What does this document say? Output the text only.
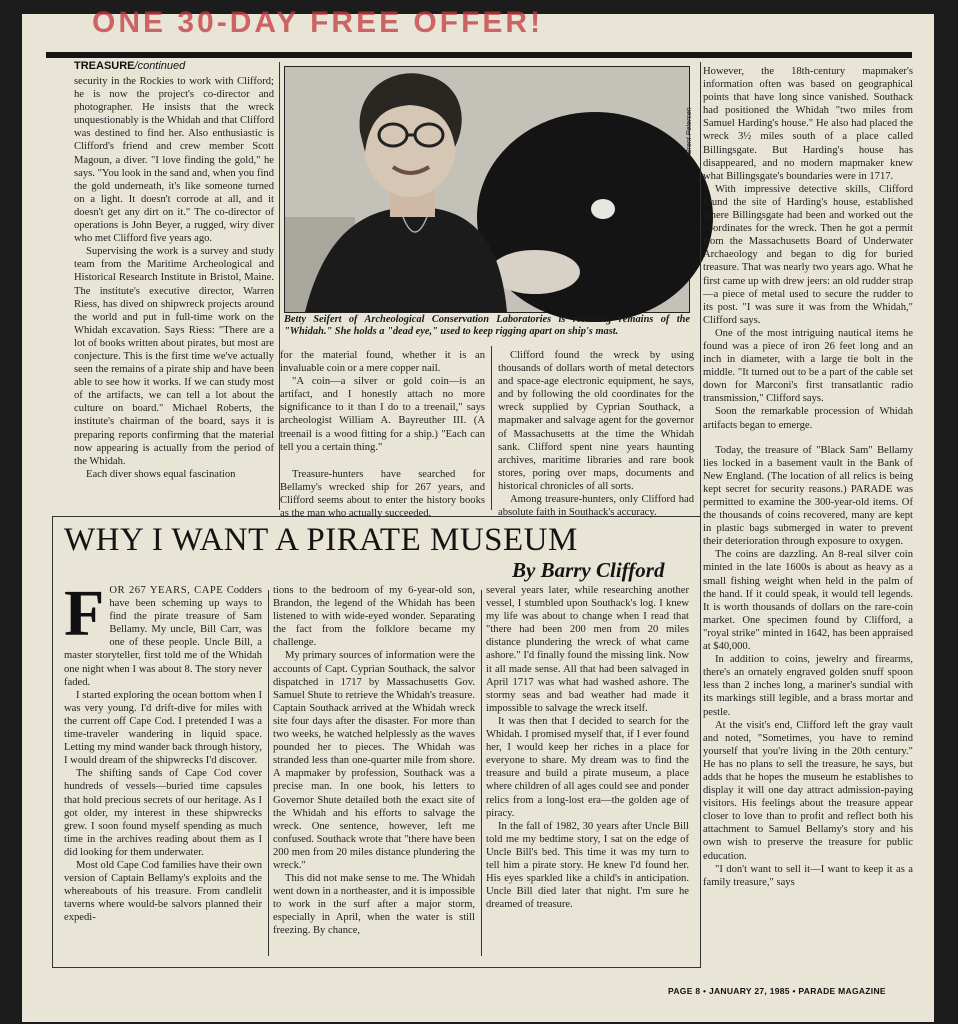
ONE 30-DAY FREE OFFER!
TREASURE/continued

security in the Rockies to work with Clifford; he is now the project's co-director and photographer. He insists that the wreck unquestionably is the Whidah and that Clifford was destined to find her. Also enthusiastic is Clifford's friend and crew member Scott Magoun, a diver. "I love finding the gold," he says. "You look in the sand and, when you find the gold underneath, it's like someone turned on a light. It doesn't corrode at all, and it doesn't get any dirt on it." The co-director of operations is John Beyer, a rugged, wiry diver who met Clifford five years ago.

Supervising the work is a survey and study team from the Maritime Archeological and Historical Research Institute in Bristol, Maine. The institute's executive director, Warren Riess, has dived on shipwreck projects around the world and put in full-time work on the Whidah excavation. Says Riess: "There are a lot of books written about pirates, but most are conjecture. This is the first time we've actually seen the remains of a pirate ship and have been able to see how it works. If we can study most of the artifacts, we can tell a lot about the culture on board." Michael Roberts, the institute's chairman of the board, says it is preparing reports confirming that the material now appearing is actually from the period of the Whidah.

Each diver shows equal fascination

Brent Petersen
Betty Seifert of Archeological Conservation Laboratories is restoring remains of the "Whidah." She holds a "dead eye," used to keep rigging apart on ship's mast.

for the material found, whether it is an invaluable coin or a mere copper nail.

"A coin—a silver or gold coin—is an artifact, and I honestly attach no more significance to it than I do to a treenail," says archeologist William A. Bayreuther III. (A treenail is a wood fitting for a ship.) "Each can tell you a certain thing."

Treasure-hunters have searched for Bellamy's wrecked ship for 267 years, and Clifford seems about to enter the history books as the man who actually succeeded.

Clifford found the wreck by using thousands of dollars worth of metal detectors and space-age electronic equipment, he says, and by following the old coordinates for the wreck supplied by Cyprian Southack, a mapmaker and salvage agent for the governor of Massachusetts at the time the Whidah sank. Clifford spent nine years haunting archives, maritime libraries and rare book stores, poring over maps, documents and historical chronicles of all sorts.

Among treasure-hunters, only Clifford had absolute faith in Southack's accuracy.

However, the 18th-century mapmaker's information often was based on geographical points that have long since vanished. Southack had positioned the Whidah "two miles from Samuel Harding's house." He also had placed the wreck 3½ miles south of a place called Billingsgate. But Harding's house has disappeared, and no modern mapmaker knew what Billingsgate's boundaries were in 1717.

With impressive detective skills, Clifford found the site of Harding's house, established where Billingsgate had been and worked out the coordinates for the wreck. Then he got a permit from the Massachusetts Board of Underwater Archaeology and began to dig for buried treasure. That was nearly two years ago. What he first came up with drew jeers: an old rudder strap—a piece of metal used to secure the rudder to its post. "I was sure it was from the Whidah," Clifford says.

One of the most intriguing nautical items he found was a piece of iron 26 feet long and an inch in diameter, with a large tie bolt in the middle. "It turned out to be a part of the cable set down for Marconi's first transatlantic radio transmission," Clifford says.

Soon the remarkable procession of Whidah artifacts began to emerge.

Today, the treasure of "Black Sam" Bellamy lies locked in a basement vault in the Bank of New England. (The location of all relics is being kept secret for security reasons.) PARADE was permitted to examine the 300-year-old items. Of the thousands of coins recovered, many are kept in plastic bags submerged in water to prevent their deterioration through exposure to oxygen.

The coins are dazzling. An 8-real silver coin minted in the late 1600s is about as heavy as a small fishing weight when held in the palm of the hand. If it could speak, it would tell legends. It is worth thousands of dollars on the rare-coin market. One specimen found by Clifford, a "royal strike" minted in 1642, has been appraised at $40,000.

In addition to coins, jewelry and firearms, there's an ornately engraved golden snuff spoon less than 2 inches long, a mariner's sundial with its markings still legible, and a brass mortar and pestle.

At the visit's end, Clifford left the gray vault and noted, "Sometimes, you have to remind yourself that you're living in the 20th century." He has no plans to sell the treasure, he says, but adds that he hopes the museum he establishes to display it will one day attract admission-paying visitors. His feelings about the treasure appear closer to love than to profit and reflect both his attachment to Samuel Bellamy's story and his own wish to preserve the treasure for public education.

"I don't want to sell it—I want to keep it as a family treasure," says

WHY I WANT A PIRATE MUSEUM
By Barry Clifford

FOR 267 YEARS, CAPE Codders have been scheming up ways to find the pirate treasure of Sam Bellamy. My uncle, Bill Carr, was one of these people. Uncle Bill, a master storyteller, first told me of the Whidah one night when I was about 8. The story never faded.

I started exploring the ocean bottom when I was very young. I'd drift-dive for miles with the current off Cape Cod. I pretended I was a time-traveler wandering in liquid space. Letting my mind wander back through history, I would dream of the shipwrecks I'd discover.

The shifting sands of Cape Cod cover hundreds of vessels—buried time capsules that hold precious secrets of our heritage. As I got older, my interest in these shipwrecks grew. I soon found myself spending as much time in the archives reading about them as I did looking for them underwater.

Most old Cape Cod families have their own version of Captain Bellamy's exploits and the whereabouts of his treasure. From candlelit taverns where would-be salvors planned their expedi-

tions to the bedroom of my 6-year-old son, Brandon, the legend of the Whidah has been listened to with wide-eyed wonder. Separating the fact from the folklore became my challenge.

My primary sources of information were the accounts of Capt. Cyprian Southack, the salvor dispatched in 1717 by Massachusetts Gov. Samuel Shute to retrieve the Whidah's treasure. Captain Southack arrived at the Whidah wreck site four days after the disaster. For more than two weeks, he watched helplessly as the waves pounded her to pieces. The Whidah was stranded less than one-quarter mile from shore. A mapmaker by profession, Southack was a precise man. In one book, his letters to Governor Shute detailed both the exact site of the Whidah and his efforts to salvage the wreck. One sentence, however, left me confused. Southack wrote that "there have been 200 men from 20 miles distance plundering the wreck."

This did not make sense to me. The Whidah went down in a northeaster, and it is impossible to work in the surf after a major storm, especially in April, when the water is still freezing. By chance,

several years later, while researching another vessel, I stumbled upon Southack's log. I knew my life was about to change when I read that "there had been 200 men from 20 miles distance plundering the wreck of what came ashore." I'd finally found the missing link. Now it all made sense. All that had been salvaged in April 1717 was what had washed ashore. The stormy seas and bad weather had made it impossible to salvage the wreck itself.

It was then that I decided to search for the Whidah. I promised myself that, if I ever found her, I would keep her riches in a place for everyone to share. My dream was to find the treasure and build a pirate museum, a place where children of all ages could see and ponder relics from a long-lost era—the golden age of piracy.

In the fall of 1982, 30 years after Uncle Bill told me my bedtime story, I sat on the edge of Uncle Bill's bed. This time it was my turn to tell him a pirate story. He knew I'd found her. His eyes sparkled like a child's in anticipation. Uncle Bill died later that night. I'm sure he dreamed of treasure.

PAGE 8 • JANUARY 27, 1985 • PARADE MAGAZINE
